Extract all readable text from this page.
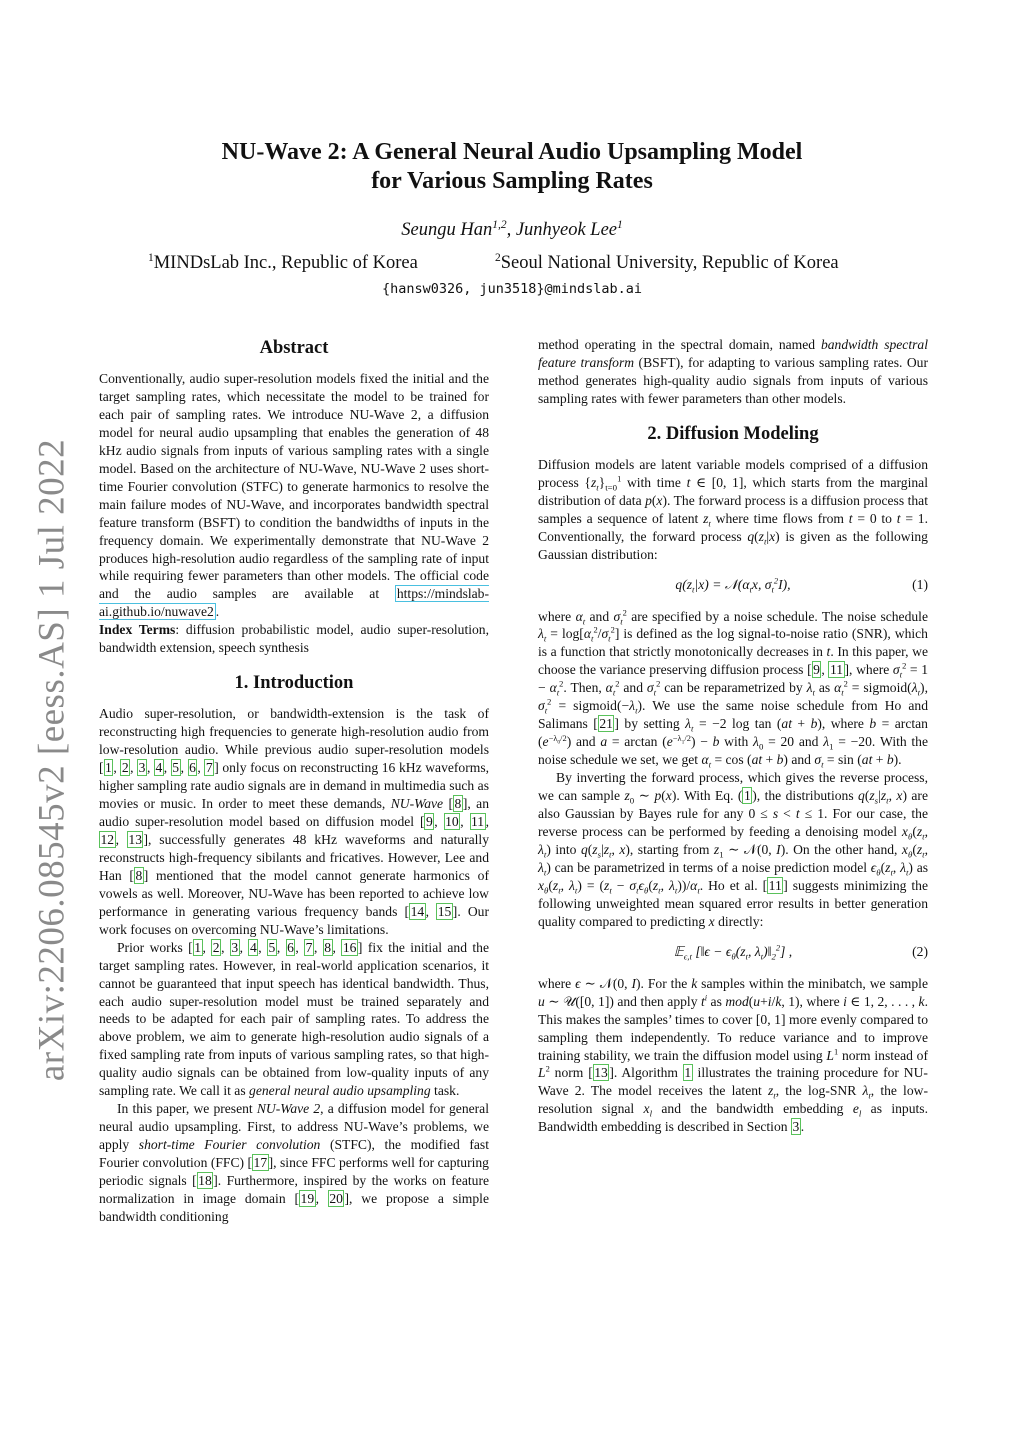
arXiv:2206.08545v2 [eess.AS] 1 Jul 2022
NU-Wave 2: A General Neural Audio Upsampling Model
for Various Sampling Rates
Seungu Han$^{1,2}$, Junhyeok Lee$^1$
$^1$MINDsLab Inc., Republic of Korea	$^2$Seoul National University, Republic of Korea
{hansw0326, jun3518}@mindslab.ai
Abstract

Conventionally, audio super-resolution models fixed the initial and the target sampling rates, which necessitate the model to be trained for each pair of sampling rates. We introduce NU-Wave 2, a diffusion model for neural audio upsampling that enables the generation of 48 kHz audio signals from inputs of various sampling rates with a single model. Based on the architecture of NU-Wave, NU-Wave 2 uses short-time Fourier convolution (STFC) to generate harmonics to resolve the main failure modes of NU-Wave, and incorporates bandwidth spectral feature transform (BSFT) to condition the bandwidths of inputs in the frequency domain. We experimentally demonstrate that NU-Wave 2 produces high-resolution audio regardless of the sampling rate of input while requiring fewer parameters than other models. The official code and the audio samples are available at https://mindslab-ai.github.io/nuwave2 .

Index Terms: diffusion probabilistic model, audio super-resolution, bandwidth extension, speech synthesis

1. Introduction

Audio super-resolution, or bandwidth-extension is the task of reconstructing high frequencies to generate high-resolution audio from low-resolution audio. While previous audio super-resolution models [ 1 , 2 , 3 , 4 , 5 , 6 , 7 ] only focus on reconstructing 16 kHz waveforms, higher sampling rate audio signals are in demand in multimedia such as movies or music. In order to meet these demands, NU-Wave [ 8 ], an audio super-resolution model based on diffusion model [ 9 , 10 , 11 , 12 , 13 ], successfully generates 48 kHz waveforms and naturally reconstructs high-frequency sibilants and fricatives. However, Lee and Han [ 8 ] mentioned that the model cannot generate harmonics of vowels as well. Moreover, NU-Wave has been reported to achieve low performance in generating various frequency bands [ 14 , 15 ]. Our work focuses on overcoming NU-Wave’s limitations.

Prior works [ 1 , 2 , 3 , 4 , 5 , 6 , 7 , 8 , 16 ] fix the initial and the target sampling rates. However, in real-world application scenarios, it cannot be guaranteed that input speech has identical bandwidth. Thus, each audio super-resolution model must be trained separately and needs to be adapted for each pair of sampling rates. To address the above problem, we aim to generate high-resolution audio signals of a fixed sampling rate from inputs of various sampling rates, so that high-quality audio signals can be obtained from low-quality inputs of any sampling rate. We call it as general neural audio upsampling task.

In this paper, we present NU-Wave 2, a diffusion model for general neural audio upsampling. First, to address NU-Wave’s problems, we apply short-time Fourier convolution (STFC), the modified fast Fourier convolution (FFC) [ 17 ], since FFC performs well for capturing periodic signals [ 18 ]. Furthermore, inspired by the works on feature normalization in image domain [ 19 , 20 ], we propose a simple bandwidth conditioning

method operating in the spectral domain, named bandwidth spectral feature transform (BSFT), for adapting to various sampling rates. Our method generates high-quality audio signals from inputs of various sampling rates with fewer parameters than other models.

2. Diffusion Modeling

Diffusion models are latent variable models comprised of a diffusion process $\{z_t\}_{t=0}^1$ with time t ∈ [0, 1], which starts from the marginal distribution of data p(x). The forward process is a diffusion process that samples a sequence of latent $z_t$ where time flows from t = 0 to t = 1. Conventionally, the forward process $q(z_t|x)$ is given as the following Gaussian distribution:

$q(z_t|x)$ = $𝒩(\alpha_tx$, $\sigma_t^2I$),	(1)

where $\alpha_t$ and $\sigma_t^2$ are specified by a noise schedule. The noise schedule $\lambda_t = \log[\alpha_t^2/\sigma_t^2]$ is defined as the log signal-to-noise ratio (SNR), which is a function that strictly monotonically decreases in t. In this paper, we choose the variance preserving diffusion process [ 9 , 11 ], where $\sigma_t^2 = 1 - \alpha_t^2$. Then, $\alpha_t^2$ and $\sigma_t^2$ can be reparametrized by $\lambda_t$ as $\alpha_t^2$ = $sigmoid(\lambda_t)$, $\sigma_t^2$ = $sigmoid(-\lambda_t)$. We use the same noise schedule from Ho and Salimans [ 21 ] by setting $\lambda_t = -2$ log tan (at + b), where $b = \arctan (e^{-\lambda_0/2})$ and $a = \arctan (e^{-\lambda_1/2}) - b$ with $\lambda_0 = 20$ and $\lambda_1 = -20$. With the noise schedule we set, we get $\alpha_t = \cos (at + b)$ and $\sigma_t = \sin (at + b)$.

By inverting the forward process, which gives the reverse process, we can sample $z_0$ ∼ p(x). With Eq. ( 1 ), the distributions $q(z_s|z_t$, x) are also Gaussian by Bayes rule for any 0 ≤ s < t ≤ 1. For our case, the reverse process can be performed by feeding a denoising model $x_\theta(z_t$, $\lambda_t$) into $q(z_s|z_t$, x), starting from $z_1$ ∼ 𝒩(0, I). On the other hand, $x_\theta(z_t$, $\lambda_t$) can be parametrized in terms of a noise prediction model $\epsilon_\theta(z_t$, $\lambda_t$) as $x_\theta(z_t$, $\lambda_t) = (z_t - \sigma_t\epsilon_\theta(z_t$, $\lambda_t))/\alpha_t$. Ho et al. [ 11 ] suggests minimizing the following unweighted mean squared error results in better generation quality compared to predicting x directly:

𝔼$_{\epsilon,t}$ [‖ϵ − $\epsilon_\theta(z_t$, $\lambda_t)‖_2^2$] ,	(2)

where ϵ ∼ 𝒩(0, I). For the k samples within the minibatch, we sample u ∼ 𝒰([0, 1]) and then apply $t^i$ as mod(u+i/k, 1), where i ∈ 1, 2, . . . , k. This makes the samples’ times to cover [0, 1] more evenly compared to sampling them independently. To reduce variance and to improve training stability, we train the diffusion model using $L^1$ norm instead of $L^2$ norm [ 13 ]. Algorithm 1 illustrates the training procedure for NU-Wave 2. The model receives the latent $z_t$, the log-SNR $\lambda_t$, the low-resolution signal $x_l$ and the bandwidth embedding $e_l$ as inputs. Bandwidth embedding is described in Section 3 .
